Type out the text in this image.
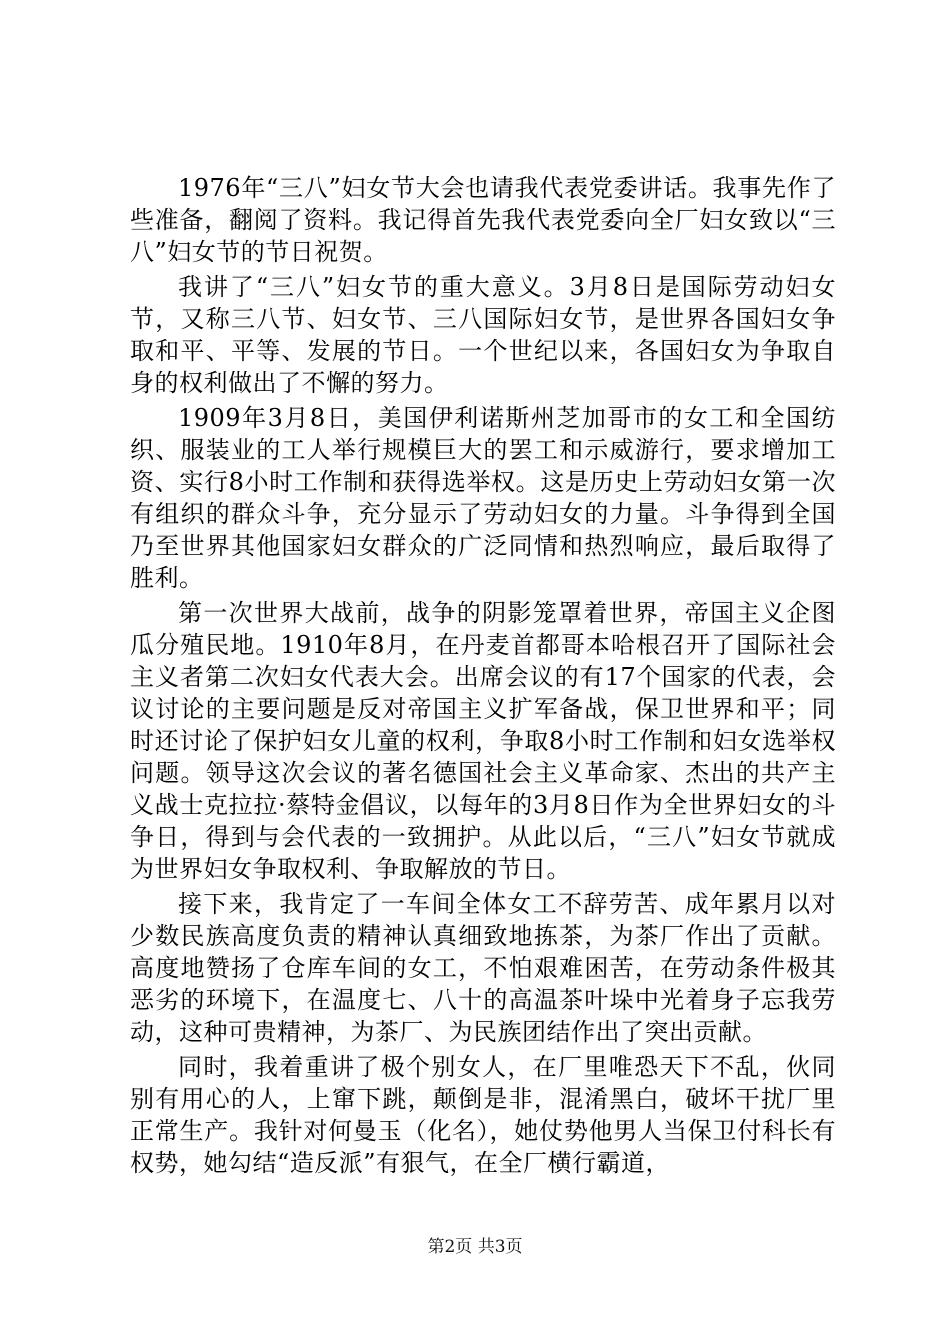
1976年“三八”妇女节大会也请我代表党委讲话。我事先作了些准备，翻阅了资料。我记得首先我代表党委向全厂妇女致以“三八”妇女节的节日祝贺。

我讲了“三八”妇女节的重大意义。3月8日是国际劳动妇女节，又称三八节、妇女节、三八国际妇女节，是世界各国妇女争取和平、平等、发展的节日。一个世纪以来，各国妇女为争取自身的权利做出了不懈的努力。

1909年3月8日，美国伊利诺斯州芝加哥市的女工和全国纺织、服装业的工人举行规模巨大的罢工和示威游行，要求增加工资、实行8小时工作制和获得选举权。这是历史上劳动妇女第一次有组织的群众斗争，充分显示了劳动妇女的力量。斗争得到全国乃至世界其他国家妇女群众的广泛同情和热烈响应，最后取得了胜利。

第一次世界大战前，战争的阴影笼罩着世界，帝国主义企图瓜分殖民地。1910年8月，在丹麦首都哥本哈根召开了国际社会主义者第二次妇女代表大会。出席会议的有17个国家的代表，会议讨论的主要问题是反对帝国主义扩军备战，保卫世界和平；同时还讨论了保护妇女儿童的权利，争取8小时工作制和妇女选举权问题。领导这次会议的著名德国社会主义革命家、杰出的共产主义战士克拉拉·蔡特金倡议，以每年的3月8日作为全世界妇女的斗争日，得到与会代表的一致拥护。从此以后，“三八”妇女节就成为世界妇女争取权利、争取解放的节日。

接下来，我肯定了一车间全体女工不辞劳苦、成年累月以对少数民族高度负责的精神认真细致地拣茶，为茶厂作出了贡献。高度地赞扬了仓库车间的女工，不怕艰难困苦，在劳动条件极其恶劣的环境下，在温度七、八十的高温茶叶垛中光着身子忘我劳动，这种可贵精神，为茶厂、为民族团结作出了突出贡献。

同时，我着重讲了极个别女人，在厂里唯恐天下不乱，伙同别有用心的人，上窜下跳，颠倒是非，混淆黑白，破坏干扰厂里正常生产。我针对何曼玉（化名），她仗势他男人当保卫付科长有权势，她勾结“造反派”有狠气，在全厂横行霸道，

第2页 共3页
